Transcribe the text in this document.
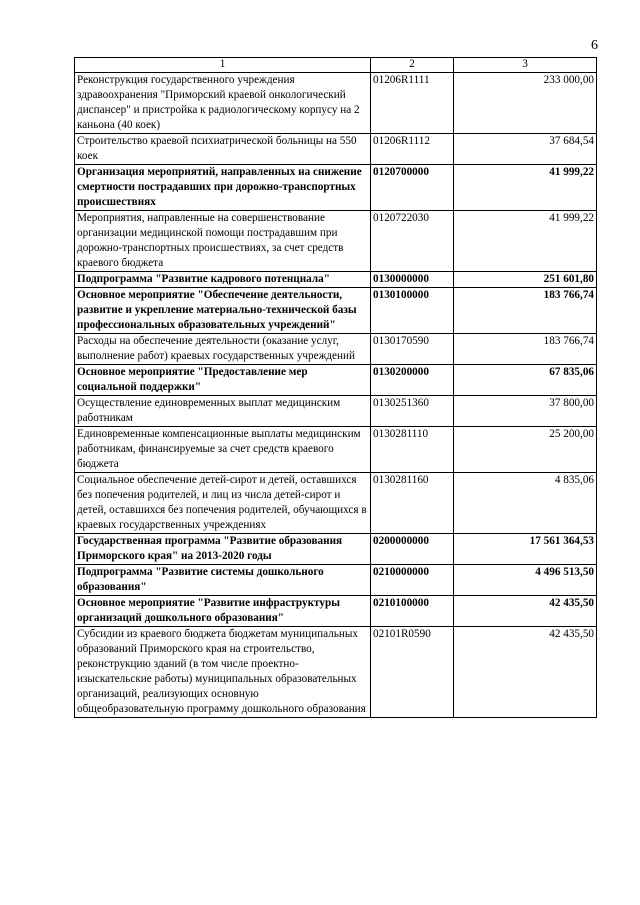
6
1	2	3
Реконструкция государственного учреждения здравоохранения "Приморский краевой онкологический диспансер" и пристройка к радиологическому корпусу на 2 каньона (40 коек)	01206R1111	233 000,00
Строительство краевой психиатрической больницы на 550 коек	01206R1112	37 684,54
Организация мероприятий, направленных на снижение смертности пострадавших при дорожно-транспортных происшествиях	0120700000	41 999,22
Мероприятия, направленные на совершенствование организации медицинской помощи пострадавшим при дорожно-транспортных происшествиях, за счет средств краевого бюджета	0120722030	41 999,22
Подпрограмма "Развитие кадрового потенциала"	0130000000	251 601,80
Основное мероприятие "Обеспечение деятельности, развитие и укрепление материально-технической базы профессиональных образовательных учреждений"	0130100000	183 766,74
Расходы на обеспечение деятельности (оказание услуг, выполнение работ) краевых государственных учреждений	0130170590	183 766,74
Основное мероприятие "Предоставление мер социальной поддержки"	0130200000	67 835,06
Осуществление единовременных выплат медицинским работникам	0130251360	37 800,00
Единовременные компенсационные выплаты медицинским работникам, финансируемые за счет средств краевого бюджета	0130281110	25 200,00
Социальное обеспечение детей-сирот и детей, оставшихся без попечения родителей, и лиц из числа детей-сирот и детей, оставшихся без попечения родителей, обучающихся в краевых государственных учреждениях	0130281160	4 835,06
Государственная программа "Развитие образования Приморского края" на 2013-2020 годы	0200000000	17 561 364,53
Подпрограмма "Развитие системы дошкольного образования"	0210000000	4 496 513,50
Основное мероприятие "Развитие инфраструктуры организаций дошкольного образования"	0210100000	42 435,50
Субсидии из краевого бюджета бюджетам муниципальных образований Приморского края на строительство, реконструкцию зданий (в том числе проектно-изыскательские работы) муниципальных образовательных организаций, реализующих основную общеобразовательную программу дошкольного образования	02101R0590	42 435,50
